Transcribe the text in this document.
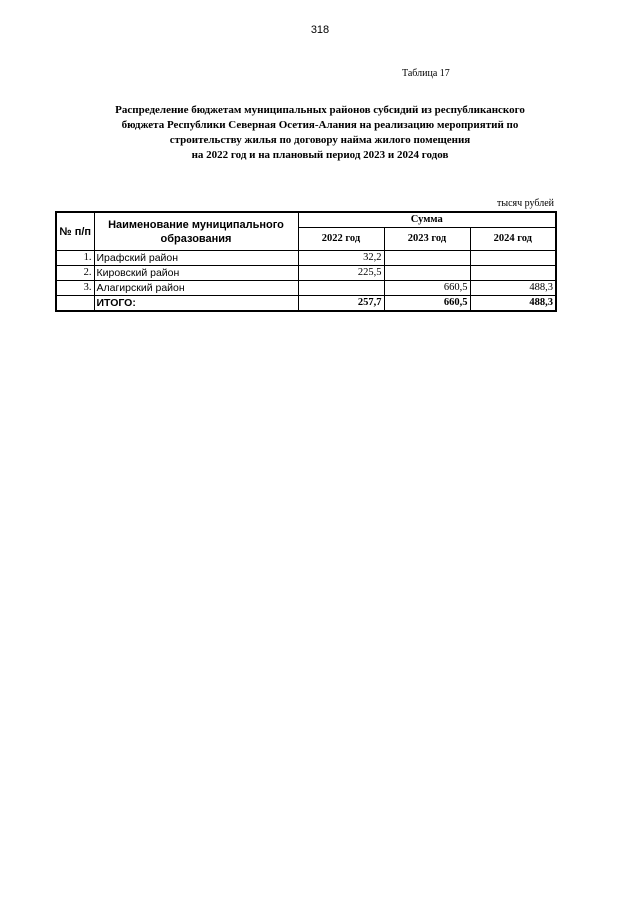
318
Таблица 17
Распределение бюджетам муниципальных районов субсидий из республиканского
бюджета Республики Северная Осетия-Алания на реализацию мероприятий по
строительству жилья по договору найма жилого помещения
на 2022 год и на плановый период 2023 и 2024 годов
тысяч рублей
№ п/п	Наименование муниципального образования	Сумма		
		2022 год	2023 год	2024 год
1.	Ирафский район	32,2		
2.	Кировский район	225,5		
3.	Алагирский район		660,5	488,3
	ИТОГО:	257,7	660,5	488,3
